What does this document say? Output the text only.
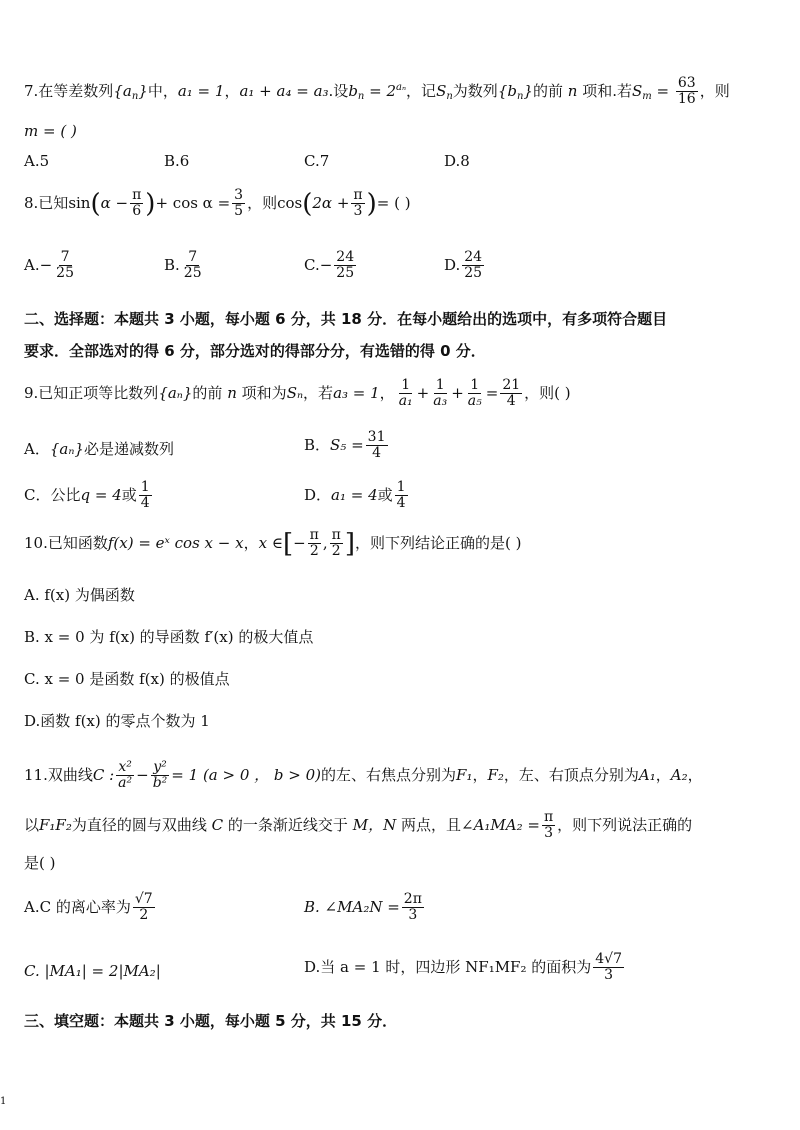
7.在等差数列$\{a_n\}$中，a₁ = 1，a₁ + a₄ = a₃.设$b_n = 2^{a_n}$，记$S_n$为数列$\{b_n\}$的前 n 项和.若$S_m = \frac{63}{16}$ ，则
m = ( )
A.5	B.6	C.7	D.8
8.已知$\sin(\alpha - \frac{\pi}{6}$ )+ $\cos \alpha = \frac{3}{5}$ ，则$\cos(2\alpha + \frac{\pi}{3}$ )= ( )
$A.- \frac{7}{25}$	B. $\frac{7}{25}$	$C.- \frac{24}{25}$	D. $\frac{24}{25}$
二、选择题：本题共 3 小题，每小题 6 分，共 18 分．在每小题给出的选项中，有多项符合题目
要求．全部选对的得 6 分，部分选对的得部分分，有选错的得 0 分．
9.已知正项等比数列{aₙ}的前 n 项和为Sₙ，若a₃ = 1， $\frac{1}{\text{a₁}} + \frac{1}{\text{a₃}} + \frac{1}{\text{a₅}} = \frac{21}{4}$ ，则( )
A．{aₙ}必是递减数列	B．$S_5 = \frac{31}{4}$
C．公比q = 4或 $\frac{1}{4}$	D．a₁ = 4或 $\frac{1}{4}$
10.已知函数f(x) = eˣ cos x − x，x ∈[− $\frac{\pi}{2}$ , $\frac{\pi}{2}$ ]，则下列结论正确的是( )
A. f(x) 为偶函数
B. x = 0 为 f(x) 的导函数 f′(x) 的极大值点
C. x = 0 是函数 f(x) 的极值点
D.函数 f(x) 的零点个数为 1
11.双曲线C : $\frac{\text{x²}}{\text{a²}} - \frac{\text{y²}}{\text{b²}} = 1$ (a > 0 ， b > 0)的左、右焦点分别为F₁，F₂，左、右顶点分别为A₁，A₂，
以F₁F₂为直径的圆与双曲线 C 的一条渐近线交于 M，N 两点，且∠A₁MA₂ = $\frac{\pi}{3}$ ，则下列说法正确的
是( )
A.C 的离心率为 $\frac{√7}{2}$	B. ∠MA₂N = $\frac{2\pi}{3}$
C. |MA₁| = 2|MA₂|	D.当 a = 1 时，四边形 NF₁MF₂ 的面积为 $\frac{4√7}{3}$
三、填空题：本题共 3 小题，每小题 5 分，共 15 分．
1
